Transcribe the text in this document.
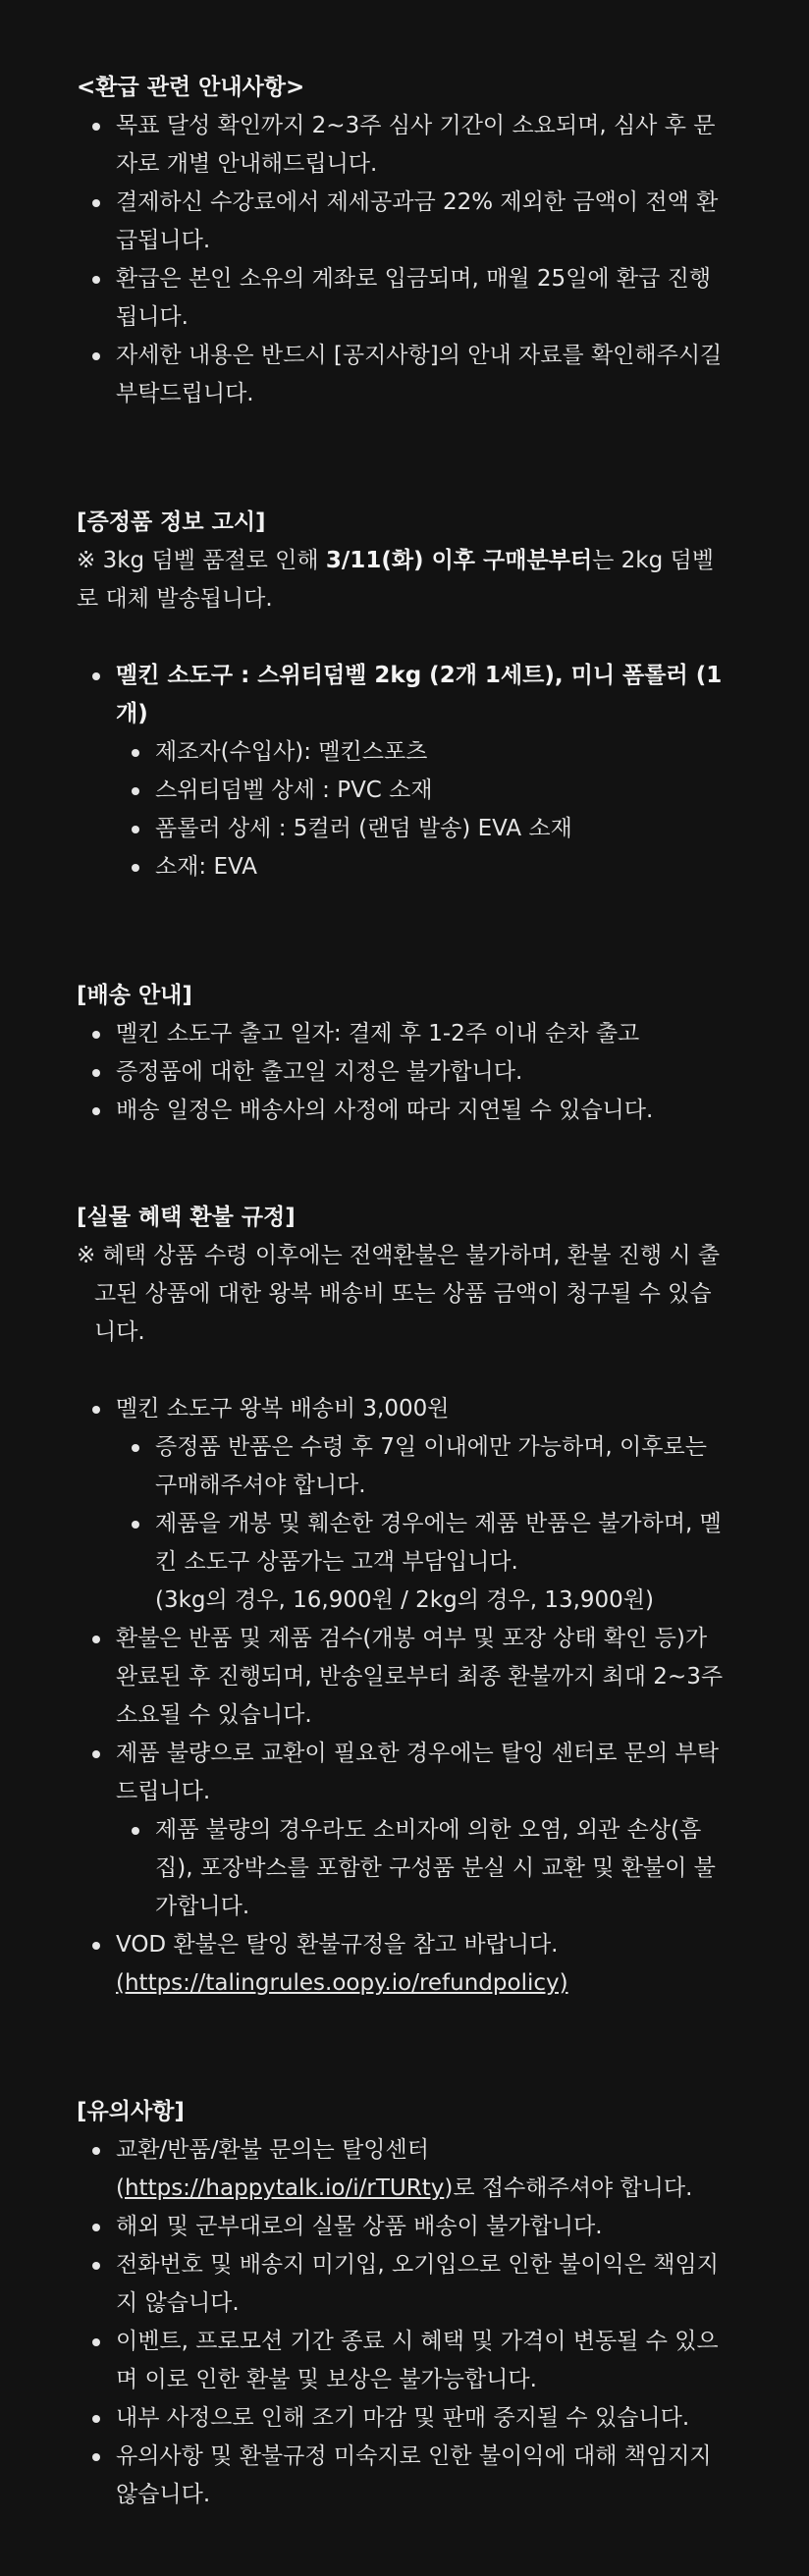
<환급 관련 안내사항>

목표 달성 확인까지 2~3주 심사 기간이 소요되며, 심사 후 문자로 개별 안내해드립니다.
결제하신 수강료에서 제세공과금 22% 제외한 금액이 전액 환급됩니다.
환급은 본인 소유의 계좌로 입금되며, 매월 25일에 환급 진행됩니다.
자세한 내용은 반드시 [공지사항]의 안내 자료를 확인해주시길 부탁드립니다.

[증정품 정보 고시]

※ 3kg 덤벨 품절로 인해 3/11(화) 이후 구매분부터는 2kg 덤벨로 대체 발송됩니다.

멜킨 소도구 : 스위티덤벨 2kg (2개 1세트), 미니 폼롤러 (1개)
제조자(수입사): 멜킨스포츠
스위티덤벨 상세 : PVC 소재
폼롤러 상세 : 5컬러 (랜덤 발송) EVA 소재
소재: EVA

[배송 안내]

멜킨 소도구 출고 일자: 결제 후 1-2주 이내 순차 출고
증정품에 대한 출고일 지정은 불가합니다.
배송 일정은 배송사의 사정에 따라 지연될 수 있습니다.

[실물 혜택 환불 규정]

※ 혜택 상품 수령 이후에는 전액환불은 불가하며, 환불 진행 시 출고된 상품에 대한 왕복 배송비 또는 상품 금액이 청구될 수 있습니다.

멜킨 소도구 왕복 배송비 3,000원
증정품 반품은 수령 후 7일 이내에만 가능하며, 이후로는 구매해주셔야 합니다.
제품을 개봉 및 훼손한 경우에는 제품 반품은 불가하며, 멜킨 소도구 상품가는 고객 부담입니다.
(3kg의 경우, 16,900원 / 2kg의 경우, 13,900원)
환불은 반품 및 제품 검수(개봉 여부 및 포장 상태 확인 등)가 완료된 후 진행되며, 반송일로부터 최종 환불까지 최대 2~3주 소요될 수 있습니다.
제품 불량으로 교환이 필요한 경우에는 탈잉 센터로 문의 부탁드립니다.
제품 불량의 경우라도 소비자에 의한 오염, 외관 손상(흠집), 포장박스를 포함한 구성품 분실 시 교환 및 환불이 불가합니다.
VOD 환불은 탈잉 환불규정을 참고 바랍니다.
(https://talingrules.oopy.io/refundpolicy)

[유의사항]

교환/반품/환불 문의는 탈잉센터(https://happytalk.io/i/rTURty)로 접수해주셔야 합니다.
해외 및 군부대로의 실물 상품 배송이 불가합니다.
전화번호 및 배송지 미기입, 오기입으로 인한 불이익은 책임지지 않습니다.
이벤트, 프로모션 기간 종료 시 혜택 및 가격이 변동될 수 있으며 이로 인한 환불 및 보상은 불가능합니다.
내부 사정으로 인해 조기 마감 및 판매 중지될 수 있습니다.
유의사항 및 환불규정 미숙지로 인한 불이익에 대해 책임지지 않습니다.
